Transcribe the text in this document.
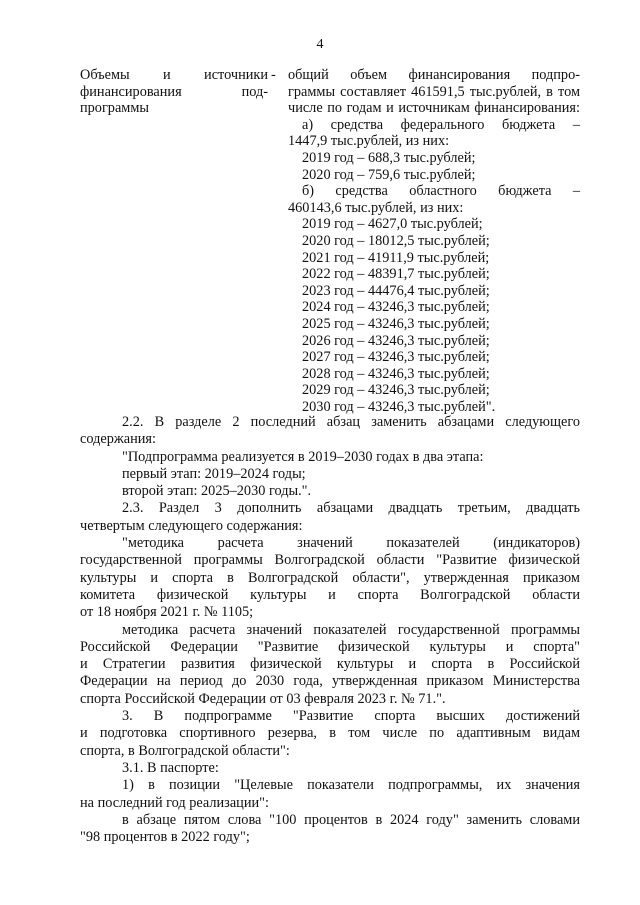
4
Объемы и источники
финансирования	под-
программы
- общий объем финансирования подпро-
граммы составляет 461591,5 тыс.рублей, в том
числе по годам и источникам финансирования:
а) средства федерального бюджета –
1447,9 тыс.рублей, из них:
2019 год – 688,3 тыс.рублей;
2020 год – 759,6 тыс.рублей;
б) средства областного бюджета –
460143,6 тыс.рублей, из них:
2019 год – 4627,0 тыс.рублей;
2020 год – 18012,5 тыс.рублей;
2021 год – 41911,9 тыс.рублей;
2022 год – 48391,7 тыс.рублей;
2023 год – 44476,4 тыс.рублей;
2024 год – 43246,3 тыс.рублей;
2025 год – 43246,3 тыс.рублей;
2026 год – 43246,3 тыс.рублей;
2027 год – 43246,3 тыс.рублей;
2028 год – 43246,3 тыс.рублей;
2029 год – 43246,3 тыс.рублей;
2030 год – 43246,3 тыс.рублей".

2.2. В разделе 2 последний абзац заменить абзацами следующего

содержания:

"Подпрограмма реализуется в 2019–2030 годах в два этапа:

первый этап: 2019–2024 годы;

второй этап: 2025–2030 годы.".

2.3. Раздел 3 дополнить абзацами двадцать третьим, двадцать

четвертым следующего содержания:

"методика расчета значений показателей (индикаторов)

государственной программы Волгоградской области "Развитие физической

культуры и спорта в Волгоградской области", утвержденная приказом

комитета физической культуры и спорта Волгоградской области

от 18 ноября 2021 г. № 1105;

методика расчета значений показателей государственной программы

Российской Федерации "Развитие физической культуры и спорта"

и Стратегии развития физической культуры и спорта в Российской

Федерации на период до 2030 года, утвержденная приказом Министерства

спорта Российской Федерации от 03 февраля 2023 г. № 71.".

3. В подпрограмме "Развитие спорта высших достижений

и подготовка спортивного резерва, в том числе по адаптивным видам

спорта, в Волгоградской области":

3.1. В паспорте:

1) в позиции "Целевые показатели подпрограммы, их значения

на последний год реализации":

в абзаце пятом слова "100 процентов в 2024 году" заменить словами

"98 процентов в 2022 году";
